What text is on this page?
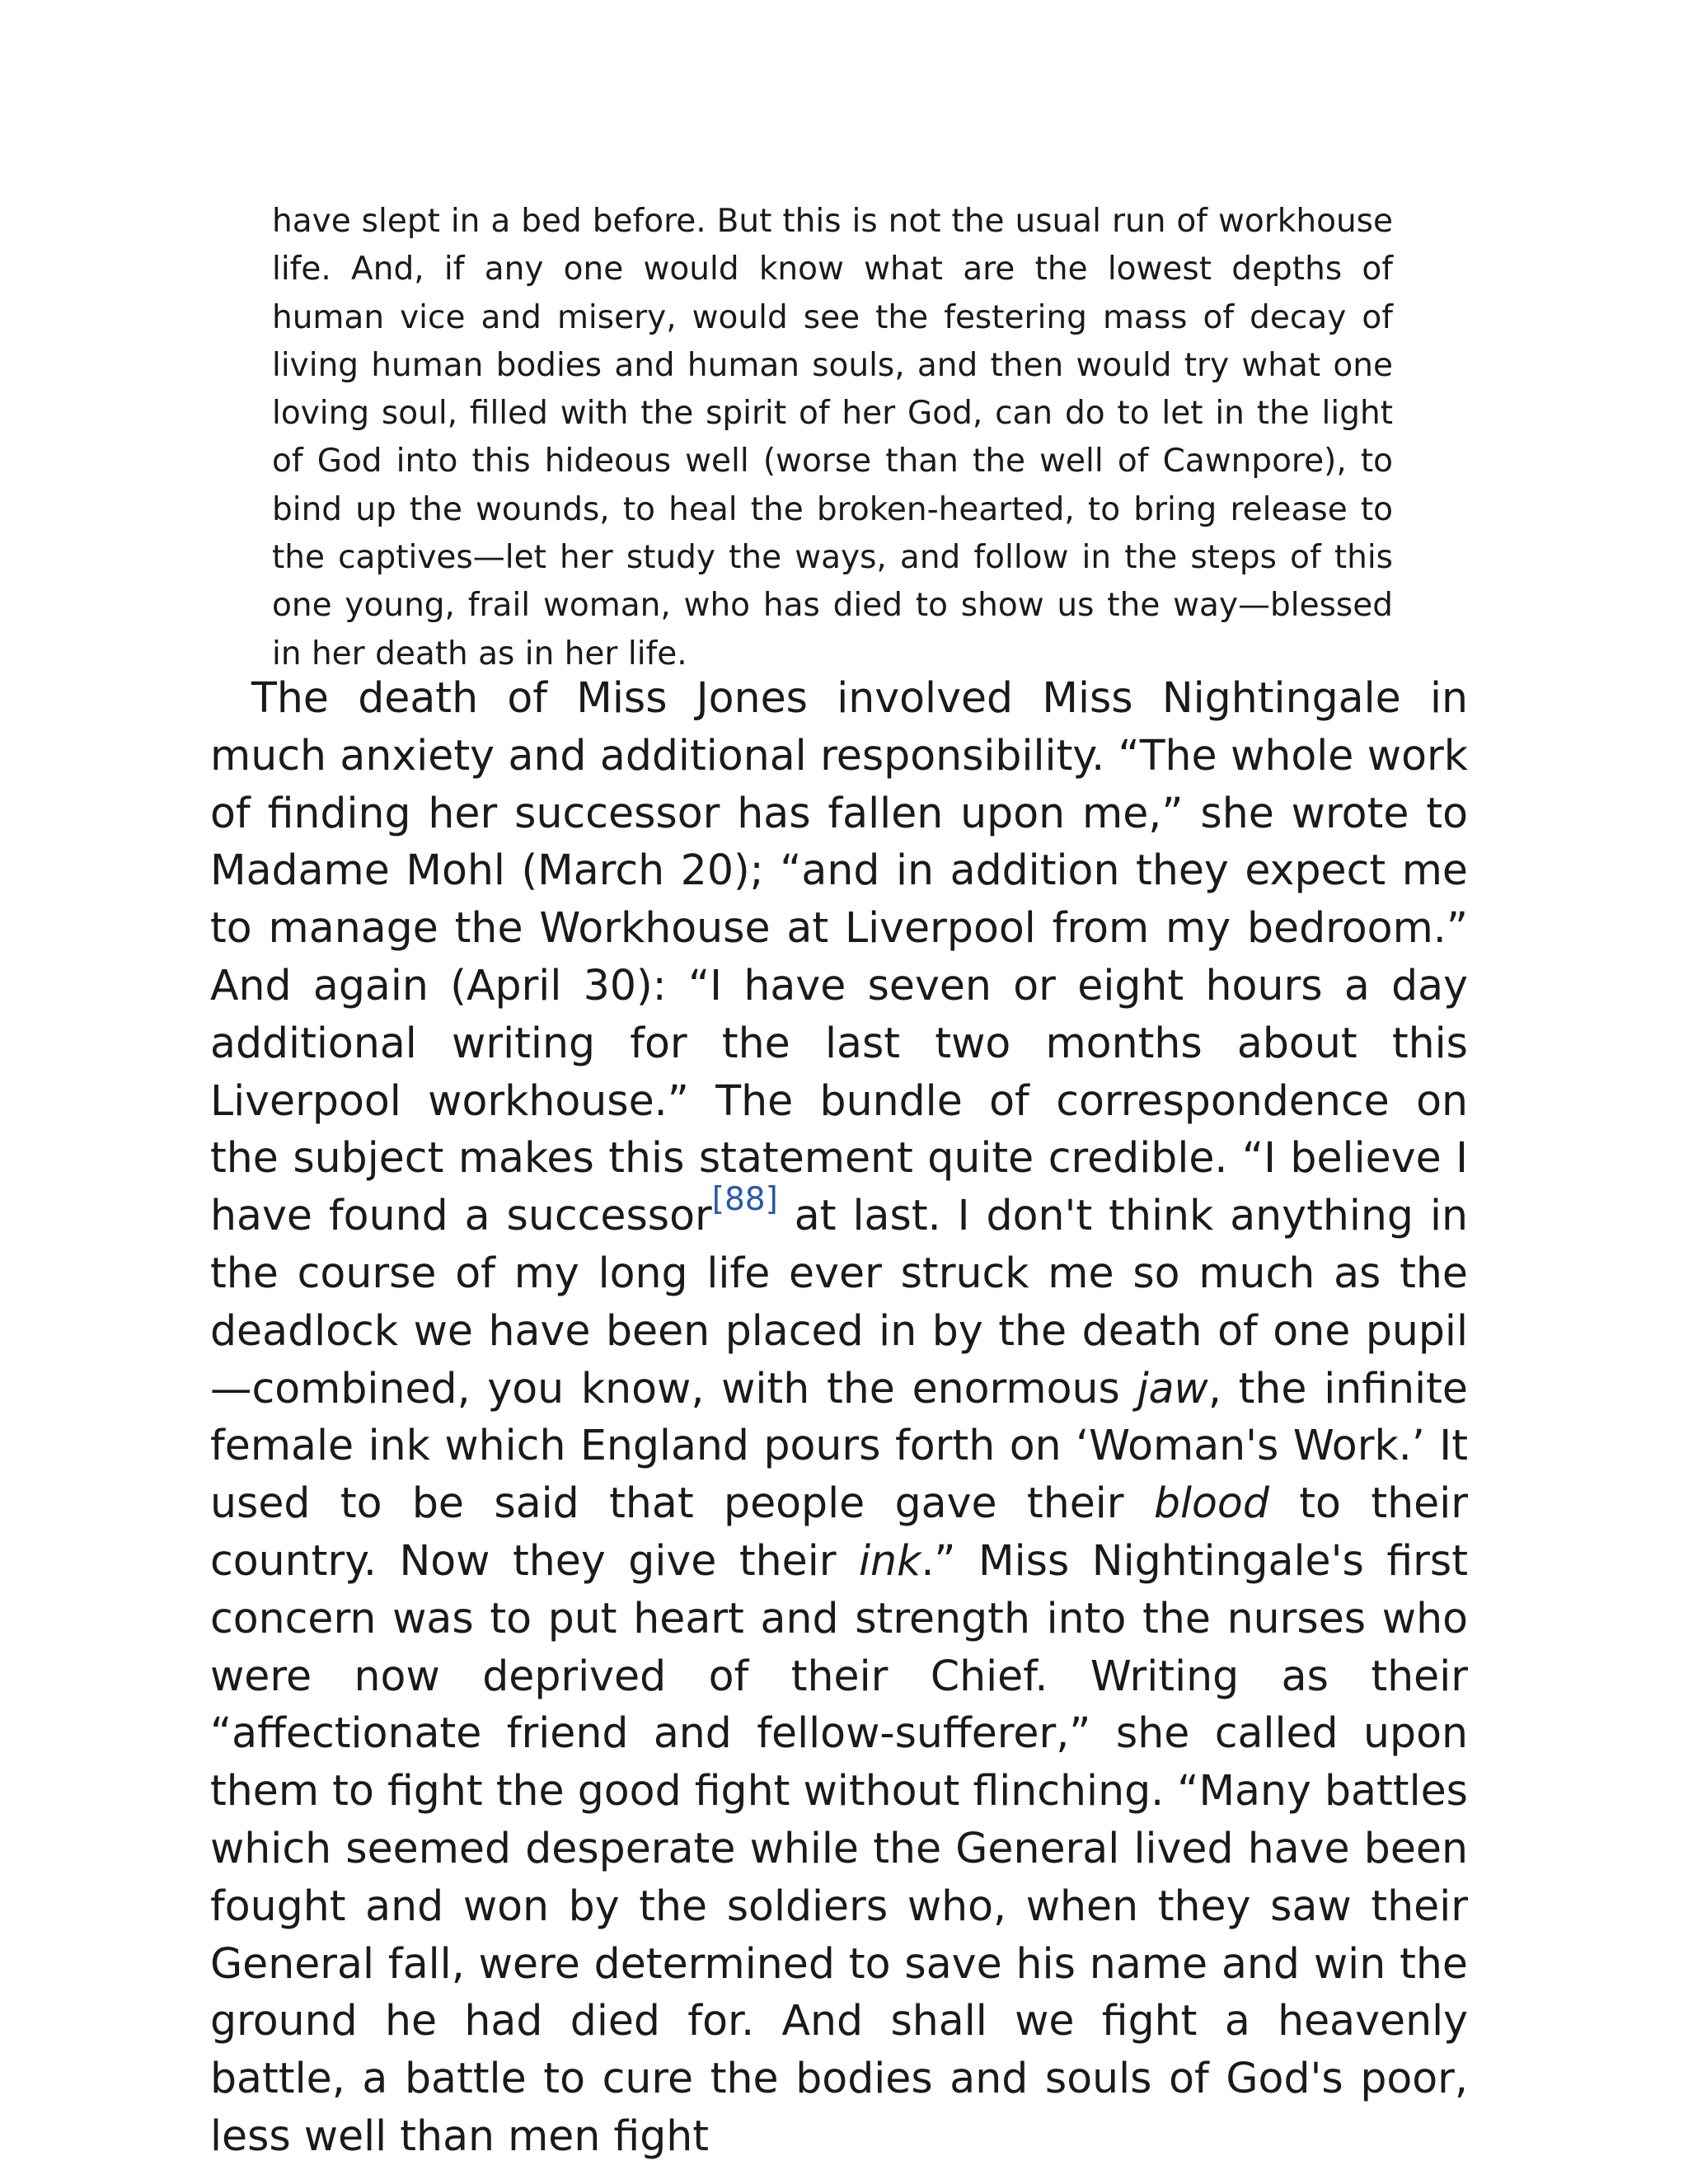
have slept in a bed before. But this is not the usual run of workhouse life. And, if any one would know what are the lowest depths of human vice and misery, would see the festering mass of decay of living human bodies and human souls, and then would try what one loving soul, filled with the spirit of her God, can do to let in the light of God into this hideous well (worse than the well of Cawnpore), to bind up the wounds, to heal the broken-hearted, to bring release to the captives—let her study the ways, and follow in the steps of this one young, frail woman, who has died to show us the way—blessed in her death as in her life.
The death of Miss Jones involved Miss Nightingale in much anxiety and additional responsibility. “The whole work of finding her successor has fallen upon me,” she wrote to Madame Mohl (March 20); “and in addition they expect me to manage the Workhouse at Liverpool from my bedroom.” And again (April 30): “I have seven or eight hours a day additional writing for the last two months about this Liverpool workhouse.” The bundle of correspondence on the subject makes this statement quite credible. “I believe I have found a successor[88] at last. I don't think anything in the course of my long life ever struck me so much as the deadlock we have been placed in by the death of one pupil—combined, you know, with the enormous jaw, the infinite female ink which England pours forth on ‘Woman's Work.’ It used to be said that people gave their blood to their country. Now they give their ink.” Miss Nightingale's first concern was to put heart and strength into the nurses who were now deprived of their Chief. Writing as their “affectionate friend and fellow-sufferer,” she called upon them to fight the good fight without flinching. “Many battles which seemed desperate while the General lived have been fought and won by the soldiers who, when they saw their General fall, were determined to save his name and win the ground he had died for. And shall we fight a heavenly battle, a battle to cure the bodies and souls of God's poor, less well than men fight
